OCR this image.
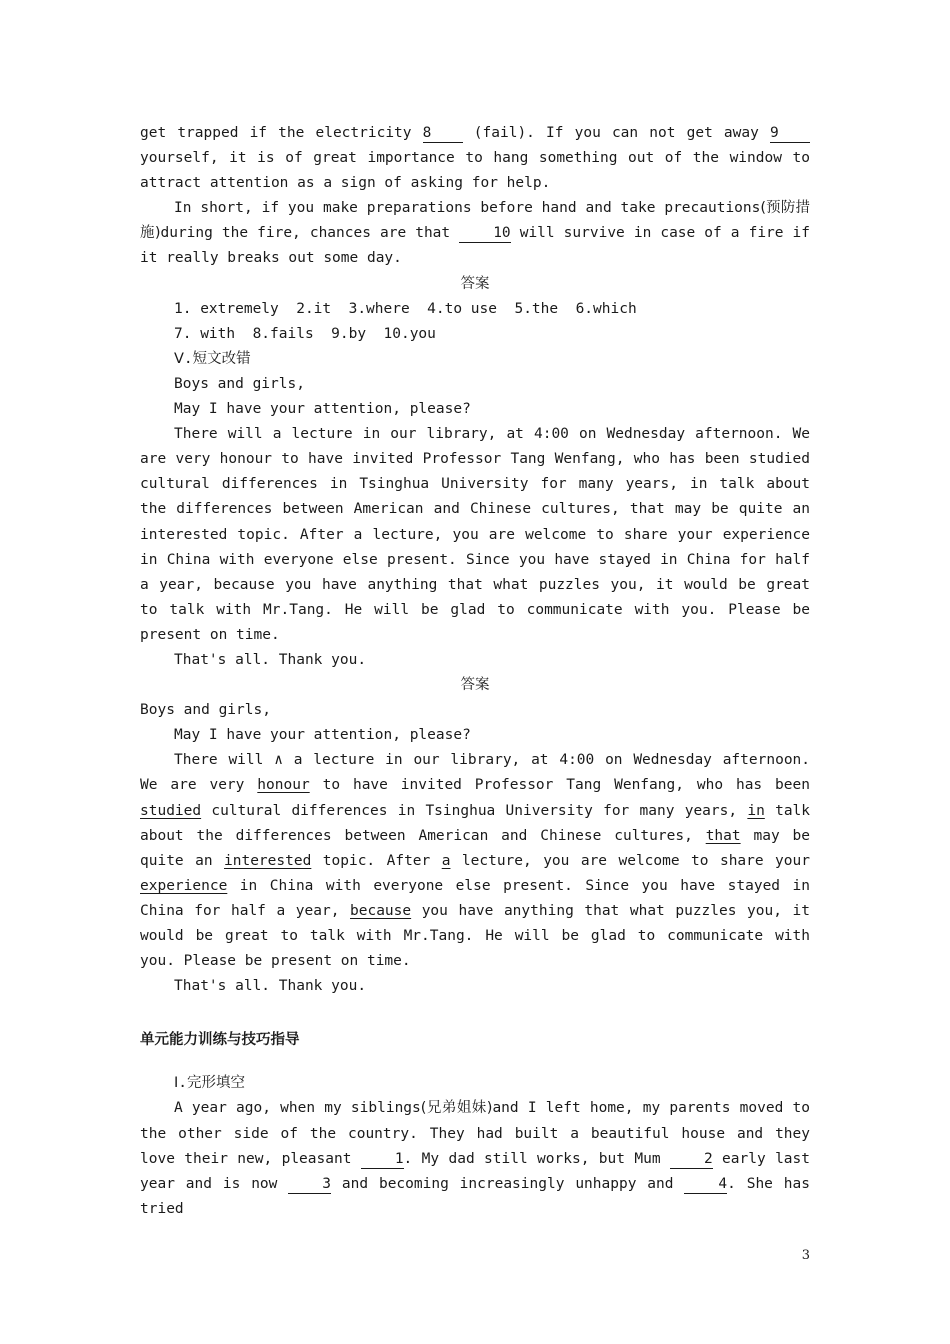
get trapped if the electricity 8 (fail). If you can not get away 9 yourself, it is of great importance to hang something out of the window to attract attention as a sign of asking for help.

In short, if you make preparations before hand and take precautions(预防措施)during the fire, chances are that 10 will survive in case of a fire if it really breaks out some day.

答案

1. extremely  2.it  3.where  4.to use  5.the  6.which

7. with  8.fails  9.by  10.you

Ⅴ.短文改错

Boys and girls,

May I have your attention, please?

There will a lecture in our library, at 4:00 on Wednesday afternoon. We are very honour to have invited Professor Tang Wenfang, who has been studied cultural differences in Tsinghua University for many years, in talk about the differences between American and Chinese cultures, that may be quite an interested topic. After a lecture, you are welcome to share your experience in China with everyone else present. Since you have stayed in China for half a year, because you have anything that what puzzles you, it would be great to talk with Mr.Tang. He will be glad to communicate with you. Please be present on time.

That's all. Thank you.

答案

Boys and girls,

May I have your attention, please?

There will ∧ a lecture in our library, at 4:00 on Wednesday afternoon. We are very honour to have invited Professor Tang Wenfang, who has been studied cultural differences in Tsinghua University for many years, in talk about the differences between American and Chinese cultures, that may be quite an interested topic. After a lecture, you are welcome to share your experience in China with everyone else present. Since you have stayed in China for half a year, because you have anything that what puzzles you, it would be great to talk with Mr.Tang. He will be glad to communicate with you. Please be present on time.

That's all. Thank you.

单元能力训练与技巧指导

Ⅰ.完形填空

A year ago, when my siblings(兄弟姐妹)and I left home, my parents moved to the other side of the country. They had built a beautiful house and they love their new, pleasant 1. My dad still works, but Mum 2 early last year and is now 3 and becoming increasingly unhappy and 4. She has tried

3
